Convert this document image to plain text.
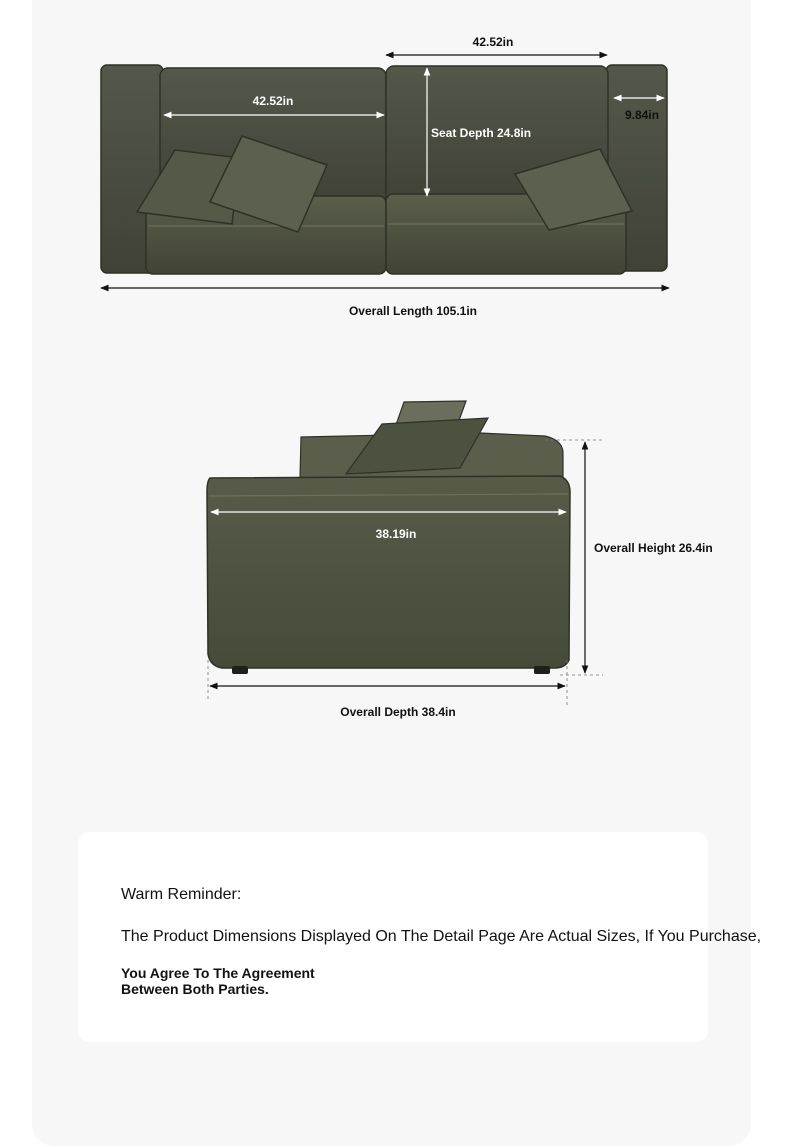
42.52in
42.52in
Seat Depth 24.8in
9.84in
Overall Length 105.1in
38.19in
Overall Height 26.4in
Overall Depth 38.4in
Warm Reminder:
The Product Dimensions Displayed On The Detail Page Are Actual Sizes, If You Purchase,
You Agree To The Agreement
Between Both Parties.
